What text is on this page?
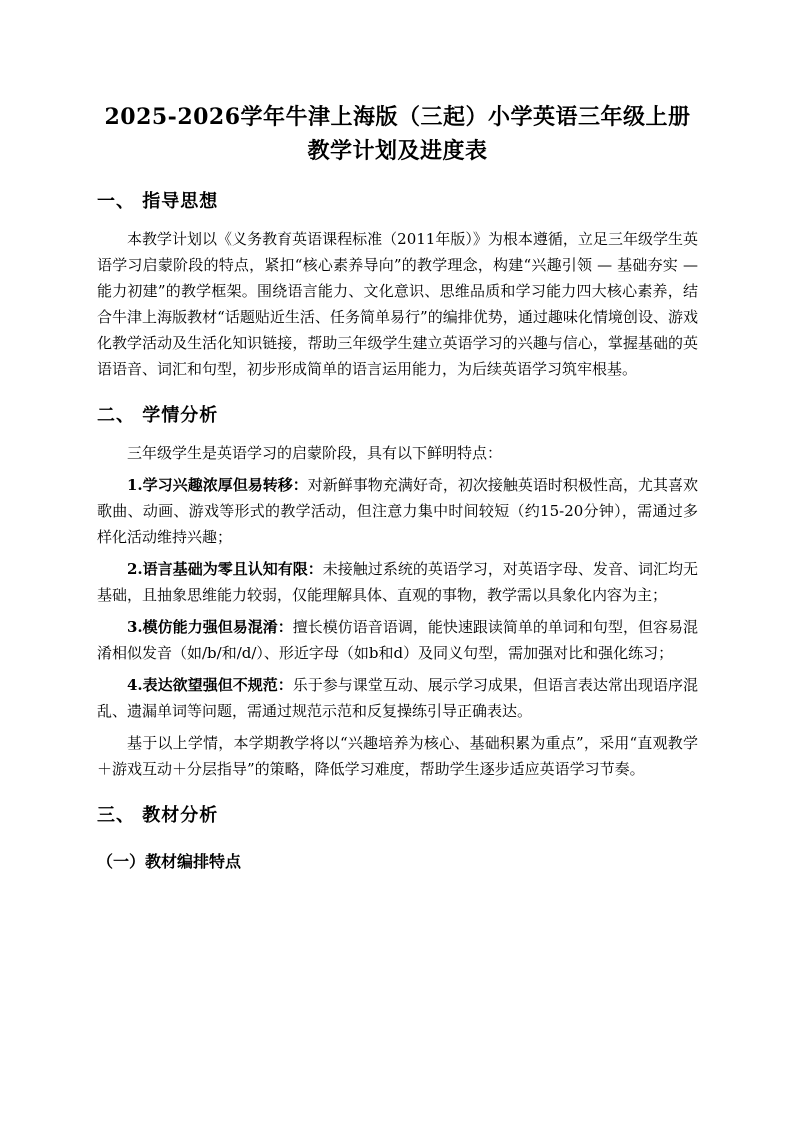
2025-2026学年牛津上海版（三起）小学英语三年级上册
教学计划及进度表
一、 指导思想

本教学计划以《义务教育英语课程标准（2011年版）》为根本遵循，立足三年级学生英语学习启蒙阶段的特点，紧扣“核心素养导向”的教学理念，构建“兴趣引领 — 基础夯实 — 能力初建”的教学框架。围绕语言能力、文化意识、思维品质和学习能力四大核心素养，结合牛津上海版教材“话题贴近生活、任务简单易行”的编排优势，通过趣味化情境创设、游戏化教学活动及生活化知识链接，帮助三年级学生建立英语学习的兴趣与信心，掌握基础的英语语音、词汇和句型，初步形成简单的语言运用能力，为后续英语学习筑牢根基。

二、 学情分析

三年级学生是英语学习的启蒙阶段，具有以下鲜明特点：

1.学习兴趣浓厚但易转移：对新鲜事物充满好奇，初次接触英语时积极性高，尤其喜欢歌曲、动画、游戏等形式的教学活动，但注意力集中时间较短（约15-20分钟），需通过多样化活动维持兴趣；

2.语言基础为零且认知有限：未接触过系统的英语学习，对英语字母、发音、词汇均无基础，且抽象思维能力较弱，仅能理解具体、直观的事物，教学需以具象化内容为主；

3.模仿能力强但易混淆：擅长模仿语音语调，能快速跟读简单的单词和句型，但容易混淆相似发音（如/b/和/d/）、形近字母（如b和d）及同义句型，需加强对比和强化练习；

4.表达欲望强但不规范：乐于参与课堂互动、展示学习成果，但语言表达常出现语序混乱、遗漏单词等问题，需通过规范示范和反复操练引导正确表达。

基于以上学情，本学期教学将以“兴趣培养为核心、基础积累为重点”，采用“直观教学＋游戏互动＋分层指导”的策略，降低学习难度，帮助学生逐步适应英语学习节奏。

三、 教材分析
（一）教材编排特点
